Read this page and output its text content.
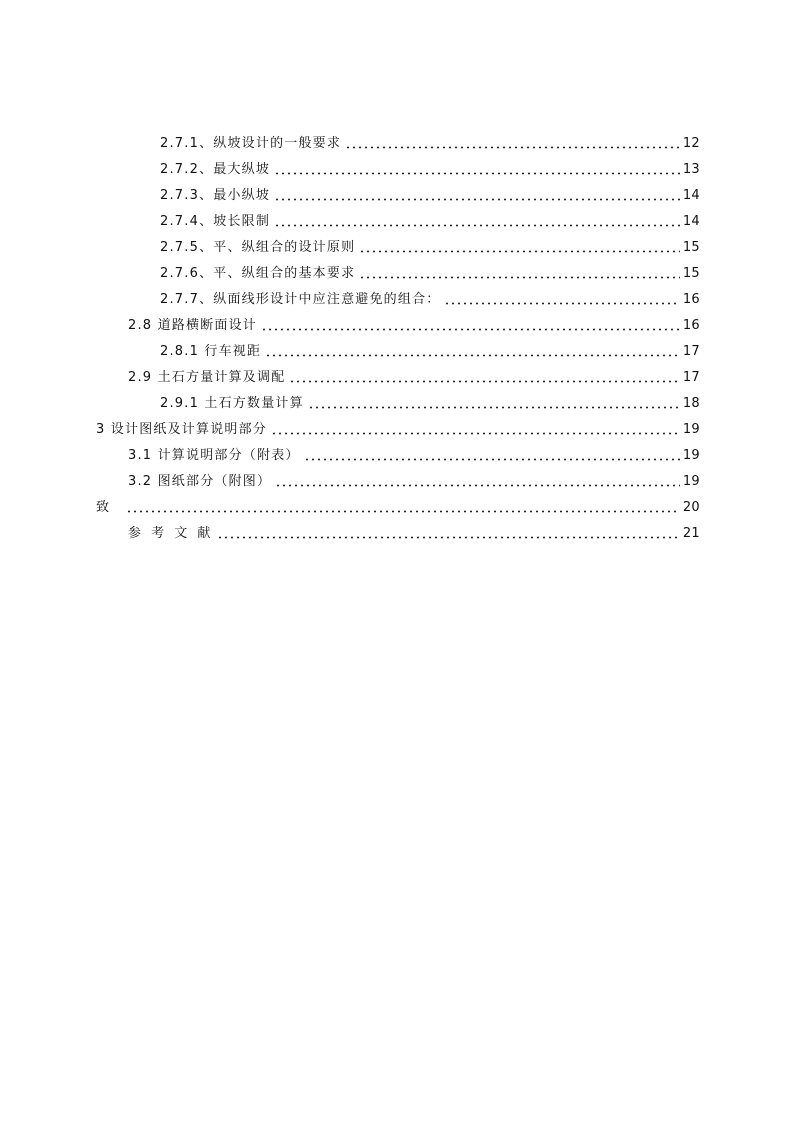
2.7.1、纵坡设计的一般要求	12
2.7.2、最大纵坡	13
2.7.3、最小纵坡	14
2.7.4、坡长限制	14
2.7.5、平、纵组合的设计原则	15
2.7.6、平、纵组合的基本要求	15
2.7.7、纵面线形设计中应注意避免的组合：	16
2.8 道路横断面设计	16
2.8.1 行车视距	17
2.9 土石方量计算及调配	17
2.9.1 土石方数量计算	18
3 设计图纸及计算说明部分	19
3.1 计算说明部分（附表）	19
3.2 图纸部分（附图）	19
致	20
参 考 文 献	21
